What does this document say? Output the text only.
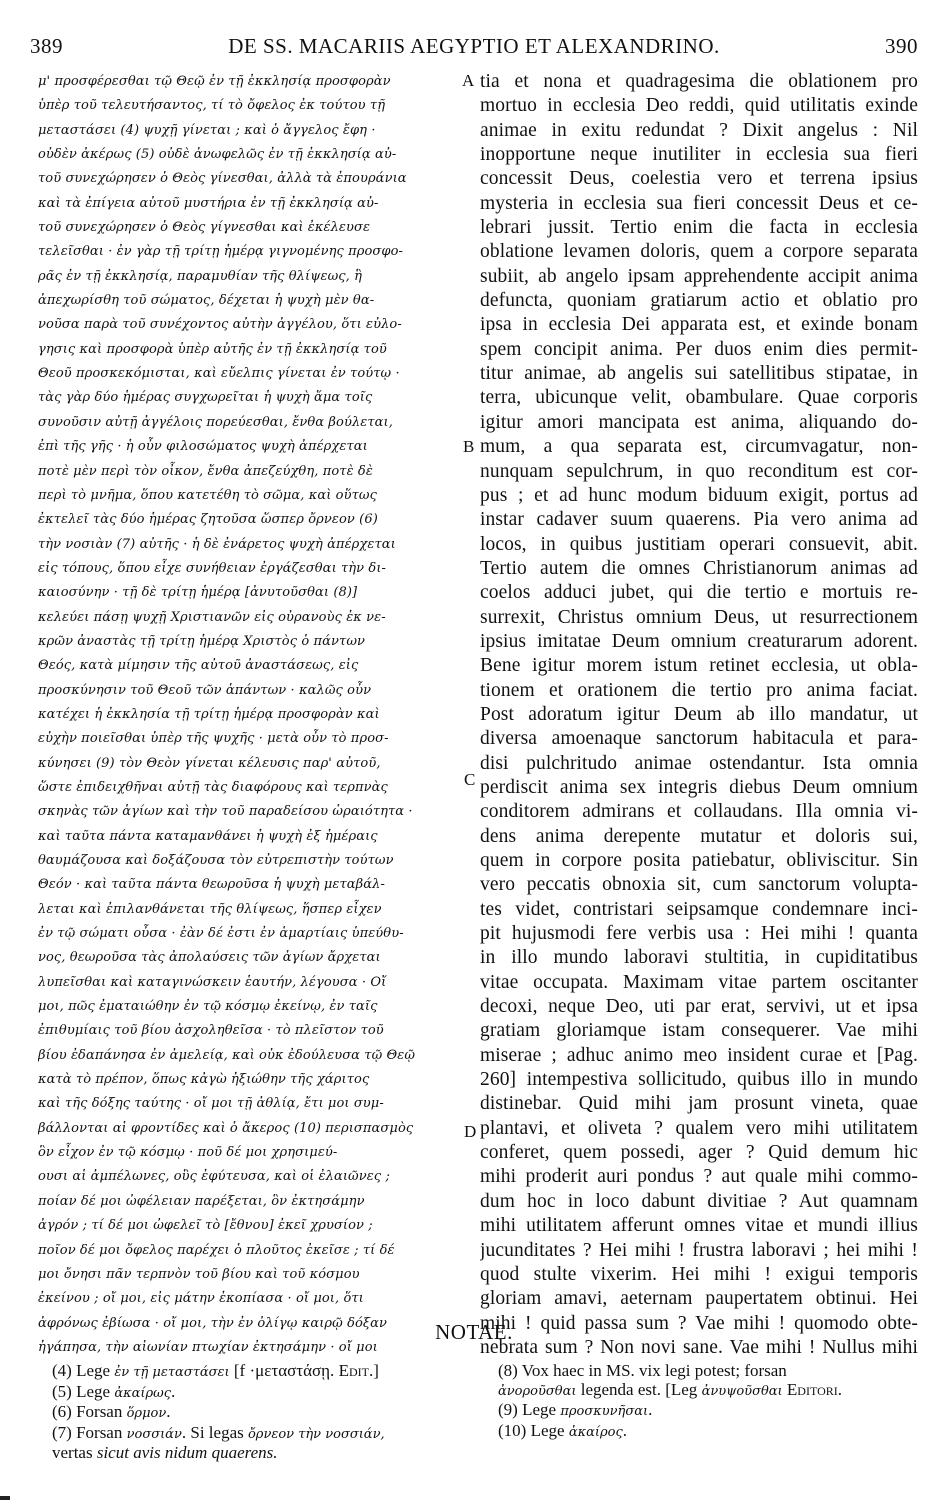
389	DE SS. MACARIIS AEGYPTIO ET ALEXANDRINO.	390
μ' προσφέρεσθαι τῷ Θεῷ ἐν τῇ ἐκκλησίᾳ προσφορὰν
ὑπὲρ τοῦ τελευτήσαντος, τί τὸ ὄφελος ἐκ τούτου τῇ
μεταστάσει (4) ψυχῇ γίνεται ; καὶ ὁ ἄγγελος ἔφη ·
οὐδὲν ἀκέρως (5) οὐδὲ ἀνωφελῶς ἐν τῇ ἐκκλησίᾳ αὐ-
τοῦ συνεχώρησεν ὁ Θεὸς γίνεσθαι, ἀλλὰ τὰ ἐπουράνια
καὶ τὰ ἐπίγεια αὐτοῦ μυστήρια ἐν τῇ ἐκκλησίᾳ αὐ-
τοῦ συνεχώρησεν ὁ Θεὸς γίγνεσθαι καὶ ἐκέλευσε
τελεῖσθαι · ἐν γὰρ τῇ τρίτῃ ἡμέρᾳ γιγνομένης προσφο-
ρᾶς ἐν τῇ ἐκκλησίᾳ, παραμυθίαν τῆς θλίψεως, ἣ
ἀπεχωρίσθη τοῦ σώματος, δέχεται ἡ ψυχὴ μὲν θα-
νοῦσα παρὰ τοῦ συνέχοντος αὐτὴν ἀγγέλου, ὅτι εὐλο-
γησις καὶ προσφορὰ ὑπὲρ αὐτῆς ἐν τῇ ἐκκλησίᾳ τοῦ
Θεοῦ προσκεκόμισται, καὶ εὔελπις γίνεται ἐν τούτῳ ·
τὰς γὰρ δύο ἡμέρας συγχωρεῖται ἡ ψυχὴ ἅμα τοῖς
συνοῦσιν αὐτῇ ἀγγέλοις πορεύεσθαι, ἔνθα βούλεται,
ἐπὶ τῆς γῆς · ἡ οὖν φιλοσώματος ψυχὴ ἀπέρχεται
ποτὲ μὲν περὶ τὸν οἶκον, ἔνθα ἀπεζεύχθη, ποτὲ δὲ
περὶ τὸ μνῆμα, ὅπου κατετέθη τὸ σῶμα, καὶ οὕτως
ἐκτελεῖ τὰς δύο ἡμέρας ζητοῦσα ὥσπερ ὄρνεον (6)
τὴν νοσιὰν (7) αὐτῆς · ἡ δὲ ἐνάρετος ψυχὴ ἀπέρχεται
εἰς τόπους, ὅπου εἶχε συνήθειαν ἐργάζεσθαι τὴν δι-
καιοσύνην · τῇ δὲ τρίτῃ ἡμέρᾳ [ἀνυτοῦσθαι (8)]
κελεύει πάσῃ ψυχῇ Χριστιανῶν εἰς οὐρανοὺς ἐκ νε-
κρῶν ἀναστὰς τῇ τρίτῃ ἡμέρᾳ Χριστὸς ὁ πάντων
Θεός, κατὰ μίμησιν τῆς αὐτοῦ ἀναστάσεως, εἰς
προσκύνησιν τοῦ Θεοῦ τῶν ἁπάντων · καλῶς οὖν
κατέχει ἡ ἐκκλησία τῇ τρίτῃ ἡμέρᾳ προσφορὰν καὶ
εὐχὴν ποιεῖσθαι ὑπὲρ τῆς ψυχῆς · μετὰ οὖν τὸ προσ-
κύνησει (9) τὸν Θεὸν γίνεται κέλευσις παρ' αὐτοῦ,
ὥστε ἐπιδειχθῆναι αὐτῇ τὰς διαφόρους καὶ τερπνὰς
σκηνὰς τῶν ἁγίων καὶ τὴν τοῦ παραδείσου ὡραιότητα ·
καὶ ταῦτα πάντα καταμανθάνει ἡ ψυχὴ ἐξ ἡμέραις
θαυμάζουσα καὶ δοξάζουσα τὸν εὐτρεπιστὴν τούτων
Θεόν · καὶ ταῦτα πάντα θεωροῦσα ἡ ψυχὴ μεταβάλ-
λεται καὶ ἐπιλανθάνεται τῆς θλίψεως, ἥσπερ εἶχεν
ἐν τῷ σώματι οὖσα · ἐὰν δέ ἐστι ἐν ἁμαρτίαις ὑπεύθυ-
νος, θεωροῦσα τὰς ἀπολαύσεις τῶν ἁγίων ἄρχεται
λυπεῖσθαι καὶ καταγινώσκειν ἑαυτήν, λέγουσα · Οἴ
μοι, πῶς ἐματαιώθην ἐν τῷ κόσμῳ ἐκείνῳ, ἐν ταῖς
ἐπιθυμίαις τοῦ βίου ἀσχοληθεῖσα · τὸ πλεῖστον τοῦ
βίου ἐδαπάνησα ἐν ἀμελείᾳ, καὶ οὐκ ἐδούλευσα τῷ Θεῷ
κατὰ τὸ πρέπον, ὅπως κἀγὼ ἠξιώθην τῆς χάριτος
καὶ τῆς δόξης ταύτης · οἴ μοι τῇ ἀθλίᾳ, ἔτι μοι συμ-
βάλλονται αἱ φροντίδες καὶ ὁ ἄκερος (10) περισπασμὸς
ὃν εἶχον ἐν τῷ κόσμῳ · ποῦ δέ μοι χρησιμεύ-
ουσι αἱ ἀμπέλωνες, οὓς ἐφύτευσα, καὶ οἱ ἐλαιῶνες ;
ποίαν δέ μοι ὠφέλειαν παρέξεται, ὃν ἐκτησάμην
ἀγρόν ; τί δέ μοι ὠφελεῖ τὸ [ἔθνου] ἐκεῖ χρυσίον ;
ποῖον δέ μοι ὄφελος παρέχει ὁ πλοῦτος ἐκεῖσε ; τί δέ
μοι ὄνησι πᾶν τερπνὸν τοῦ βίου καὶ τοῦ κόσμου
ἐκείνου ; οἴ μοι, εἰς μάτην ἐκοπίασα · οἴ μοι, ὅτι
ἀφρόνως ἐβίωσα · οἴ μοι, τὴν ἐν ὀλίγῳ καιρῷ δόξαν
ἠγάπησα, τὴν αἰωνίαν πτωχίαν ἐκτησάμην · οἴ μοι
tia et nona et quadragesima die oblationem pro
mortuo in ecclesia Deo reddi, quid utilitatis exinde
animae in exitu redundat ? Dixit angelus : Nil
inopportune neque inutiliter in ecclesia sua fieri
concessit Deus, coelestia vero et terrena ipsius
mysteria in ecclesia sua fieri concessit Deus et ce-
lebrari jussit. Tertio enim die facta in ecclesia
oblatione levamen doloris, quem a corpore separata
subiit, ab angelo ipsam apprehendente accipit anima
defuncta, quoniam gratiarum actio et oblatio pro
ipsa in ecclesia Dei apparata est, et exinde bonam
spem concipit anima. Per duos enim dies permit-
titur animae, ab angelis sui satellitibus stipatae, in
terra, ubicunque velit, obambulare. Quae corporis
igitur amori mancipata est anima, aliquando do-
mum, a qua separata est, circumvagatur, non-
nunquam sepulchrum, in quo reconditum est cor-
pus ; et ad hunc modum biduum exigit, portus ad
instar cadaver suum quaerens. Pia vero anima ad
locos, in quibus justitiam operari consuevit, abit.
Tertio autem die omnes Christianorum animas ad
coelos adduci jubet, qui die tertio e mortuis re-
surrexit, Christus omnium Deus, ut resurrectionem
ipsius imitatae Deum omnium creaturarum adorent.
Bene igitur morem istum retinet ecclesia, ut obla-
tionem et orationem die tertio pro anima faciat.
Post adoratum igitur Deum ab illo mandatur, ut
diversa amoenaque sanctorum habitacula et para-
disi pulchritudo animae ostendantur. Ista omnia
perdiscit anima sex integris diebus Deum omnium
conditorem admirans et collaudans. Illa omnia vi-
dens anima derepente mutatur et doloris sui,
quem in corpore posita patiebatur, obliviscitur. Sin
vero peccatis obnoxia sit, cum sanctorum volupta-
tes videt, contristari seipsamque condemnare inci-
pit hujusmodi fere verbis usa : Hei mihi ! quanta
in illo mundo laboravi stultitia, in cupiditatibus
vitae occupata. Maximam vitae partem oscitanter
decoxi, neque Deo, uti par erat, servivi, ut et ipsa
gratiam gloriamque istam consequerer. Vae mihi
miserae ; adhuc animo meo insident curae et [Pag.
260] intempestiva sollicitudo, quibus illo in mundo
distinebar. Quid mihi jam prosunt vineta, quae
plantavi, et oliveta ? qualem vero mihi utilitatem
conferet, quem possedi, ager ? Quid demum hic
mihi proderit auri pondus ? aut quale mihi commo-
dum hoc in loco dabunt divitiae ? Aut quamnam
mihi utilitatem afferunt omnes vitae et mundi illius
jucunditates ? Hei mihi ! frustra laboravi ; hei mihi !
quod stulte vixerim. Hei mihi ! exigui temporis
gloriam amavi, aeternam paupertatem obtinui. Hei
mihi ! quid passa sum ? Vae mihi ! quomodo obte-
nebrata sum ? Non novi sane. Vae mihi ! Nullus mihi
A
B
C
D
NOTAE.
(4) Lege ἐν τῇ μεταστάσει [f ·μεταστάσῃ. Edit.]
(5) Lege ἀκαίρως.
(6) Forsan ὅρμον.
(7) Forsan νοσσιάν. Si legas ὄρνεον τὴν νοσσιάν,
vertas sicut avis nidum quaerens.
(8) Vox haec in MS. vix legi potest; forsan
ἀνοροῦσθαι legenda est. [Leg ἀνυψοῦσθαι Editori.
(9) Lege προσκυνῆσαι.
(10) Lege ἀκαίρος.
